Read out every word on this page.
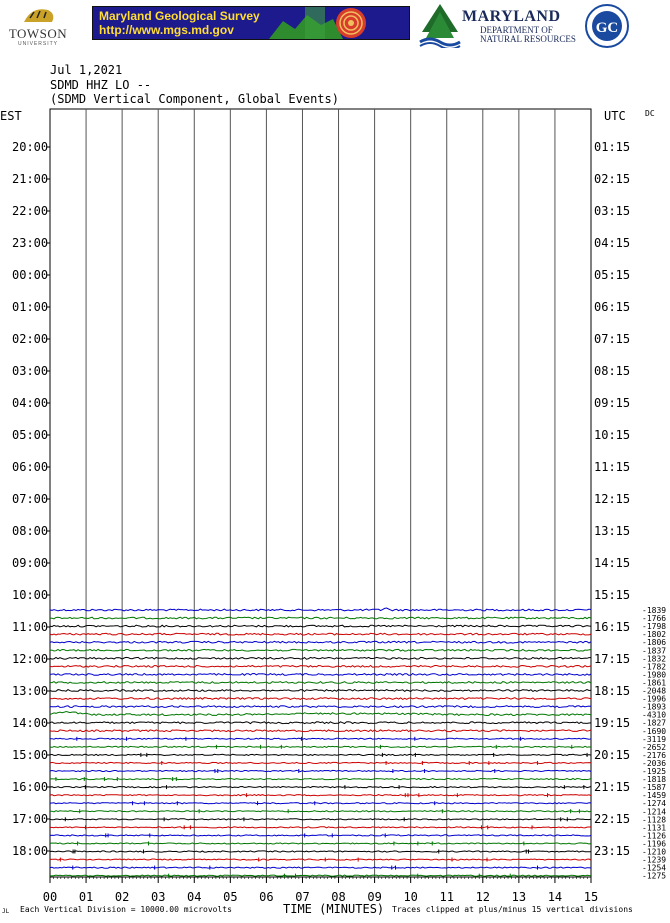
TOWSON
UNIVERSITY
Maryland Geological Survey
http://www.mgs.md.gov
MARYLAND
DEPARTMENT OF
NATURAL RESOURCES
GC
Jul 1,2021
SDMD HHZ LO --
(SDMD Vertical Component, Global Events)
DC
EST	UTC
20:00
21:00
22:00
23:00
00:00
01:00
02:00
03:00
04:00
05:00
06:00
07:00
08:00
09:00
10:00
11:00
12:00
13:00
14:00
15:00
16:00
17:00
18:00
01:15
02:15
03:15
04:15
05:15
06:15
07:15
08:15
09:15
10:15
11:15
12:15
13:15
14:15
15:15
16:15
17:15
18:15
19:15
20:15
21:15
22:15
23:15
00 01 02 03 04 05 06 07 08 09 10 11 12 13 14 15
-1839
-1766
-1798
-1802
-1806
-1837
-1832
-1782
-1980
-1861
-2048
-1996
-1893
-4310
-1827
-1690
-3119
-2652
-2176
-2036
-1925
-1818
-1587
-1459
-1274
-1214
-1128
-1131
-1126
-1196
-1210
-1239
-1254
-1275
Each Vertical Division = 10000.00 microvolts	TIME (MINUTES) Traces clipped at plus/minus 15 vertical divisions
JL
